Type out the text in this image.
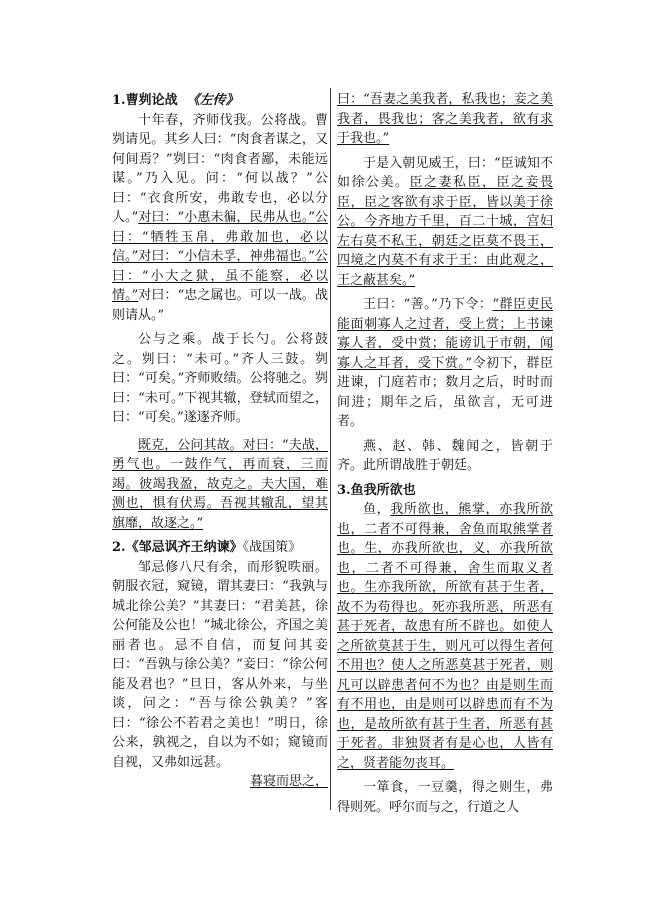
1.曹刿论战 《左传》

十年春，齐师伐我。公将战。曹刿请见。其乡人曰：“肉食者谋之，又何间焉？”刿曰：“肉食者鄙，未能远谋。”乃入见。问：“何以战？”公曰：“衣食所安，弗敢专也，必以分人。”对曰：“小惠未徧，民弗从也。”公曰：“牺牲玉帛，弗敢加也，必以信。”对曰：“小信未孚，神弗福也。”公曰：“小大之狱，虽不能察，必以情。”对曰：“忠之属也。可以一战。战则请从。”

公与之乘。战于长勺。公将鼓之。刿曰：“未可。”齐人三鼓。刿曰：“可矣。”齐师败绩。公将驰之。刿曰：“未可。”下视其辙，登轼而望之，曰：“可矣。”遂逐齐师。

既克，公问其故。对曰：“夫战，勇气也。一鼓作气，再而衰，三而竭。彼竭我盈，故克之。夫大国，难测也，惧有伏焉。吾视其辙乱，望其旗靡，故逐之。”

2.《邹忌讽齐王纳谏》《战国策》

邹忌修八尺有余，而形貌昳丽。朝服衣冠，窥镜，谓其妻曰：“我孰与城北徐公美？”其妻曰：“君美甚，徐公何能及公也！”城北徐公，齐国之美丽者也。忌不自信，而复问其妾曰：“吾孰与徐公美？”妾曰：“徐公何能及君也？”旦日，客从外来，与坐谈，问之：“吾与徐公孰美？”客曰：“徐公不若君之美也！”明日，徐公来，孰视之，自以为不如；窥镜而自视，又弗如远甚。
暮寝而思之，

曰：“吾妻之美我者，私我也；妾之美我者，畏我也；客之美我者，欲有求于我也。”

于是入朝见威王，曰：“臣诚知不如徐公美。臣之妻私臣，臣之妾畏臣，臣之客欲有求于臣，皆以美于徐公。今齐地方千里，百二十城，宫妇左右莫不私王，朝廷之臣莫不畏王，四境之内莫不有求于王：由此观之，王之蔽甚矣。”

王曰：“善。”乃下令：“群臣吏民能面刺寡人之过者，受上赏；上书谏寡人者，受中赏；能谤讥于市朝，闻寡人之耳者，受下赏。”令初下，群臣进谏，门庭若市；数月之后，时时而间进；期年之后，虽欲言，无可进者。

燕、赵、韩、魏闻之，皆朝于齐。此所谓战胜于朝廷。

3.鱼我所欲也

鱼，我所欲也，熊掌，亦我所欲也，二者不可得兼，舍鱼而取熊掌者也。生，亦我所欲也，义，亦我所欲也，二者不可得兼，舍生而取义者也。生亦我所欲，所欲有甚于生者，故不为苟得也。死亦我所恶，所恶有甚于死者，故患有所不辟也。如使人之所欲莫甚于生，则凡可以得生者何不用也？使人之所恶莫甚于死者，则凡可以辟患者何不为也？由是则生而有不用也，由是则可以辟患而有不为也，是故所欲有甚于生者，所恶有甚于死者。非独贤者有是心也，人皆有之，贤者能勿丧耳。

一箪食，一豆羹，得之则生，弗得则死。呼尔而与之，行道之人
